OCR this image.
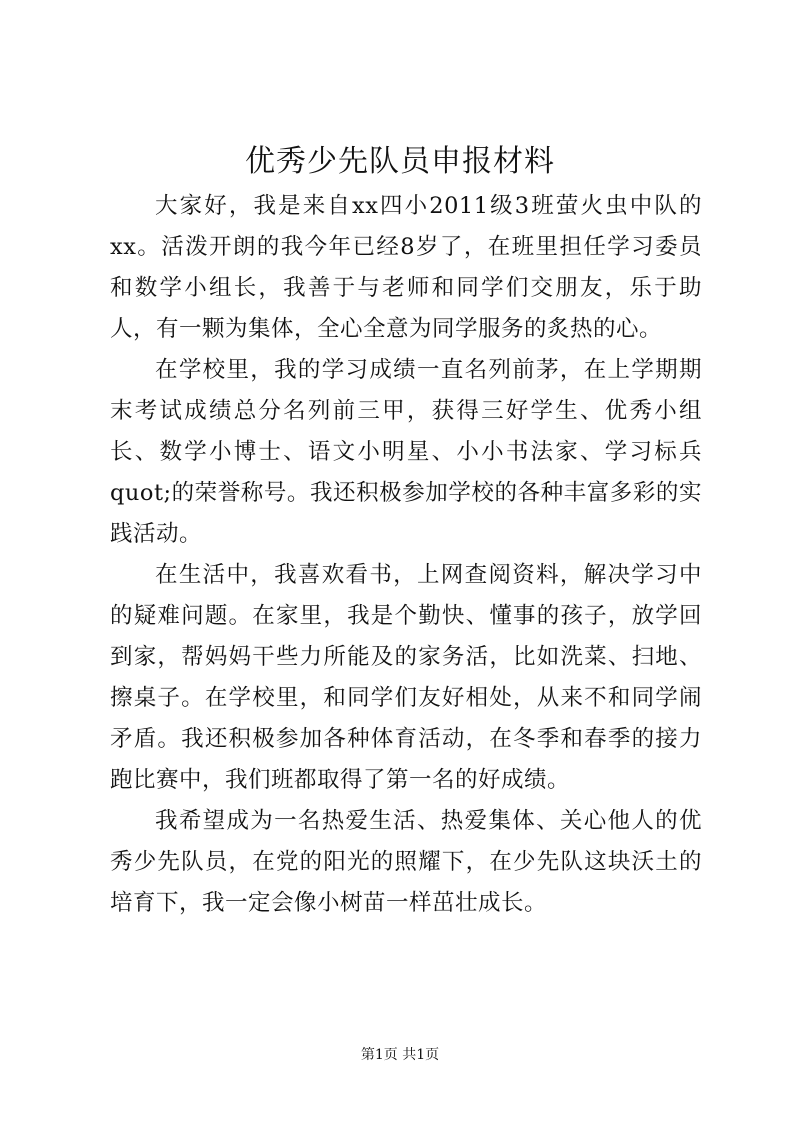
优秀少先队员申报材料

大家好，我是来自xx四小2011级3班萤火虫中队的xx。活泼开朗的我今年已经8岁了，在班里担任学习委员和数学小组长，我善于与老师和同学们交朋友，乐于助人，有一颗为集体，全心全意为同学服务的炙热的心。

在学校里，我的学习成绩一直名列前茅，在上学期期末考试成绩总分名列前三甲，获得三好学生、优秀小组长、数学小博士、语文小明星、小小书法家、学习标兵quot;的荣誉称号。我还积极参加学校的各种丰富多彩的实践活动。

在生活中，我喜欢看书，上网查阅资料，解决学习中的疑难问题。在家里，我是个勤快、懂事的孩子，放学回到家，帮妈妈干些力所能及的家务活，比如洗菜、扫地、擦桌子。在学校里，和同学们友好相处，从来不和同学闹矛盾。我还积极参加各种体育活动，在冬季和春季的接力跑比赛中，我们班都取得了第一名的好成绩。

我希望成为一名热爱生活、热爱集体、关心他人的优秀少先队员，在党的阳光的照耀下，在少先队这块沃土的培育下，我一定会像小树苗一样茁壮成长。

第1页 共1页
